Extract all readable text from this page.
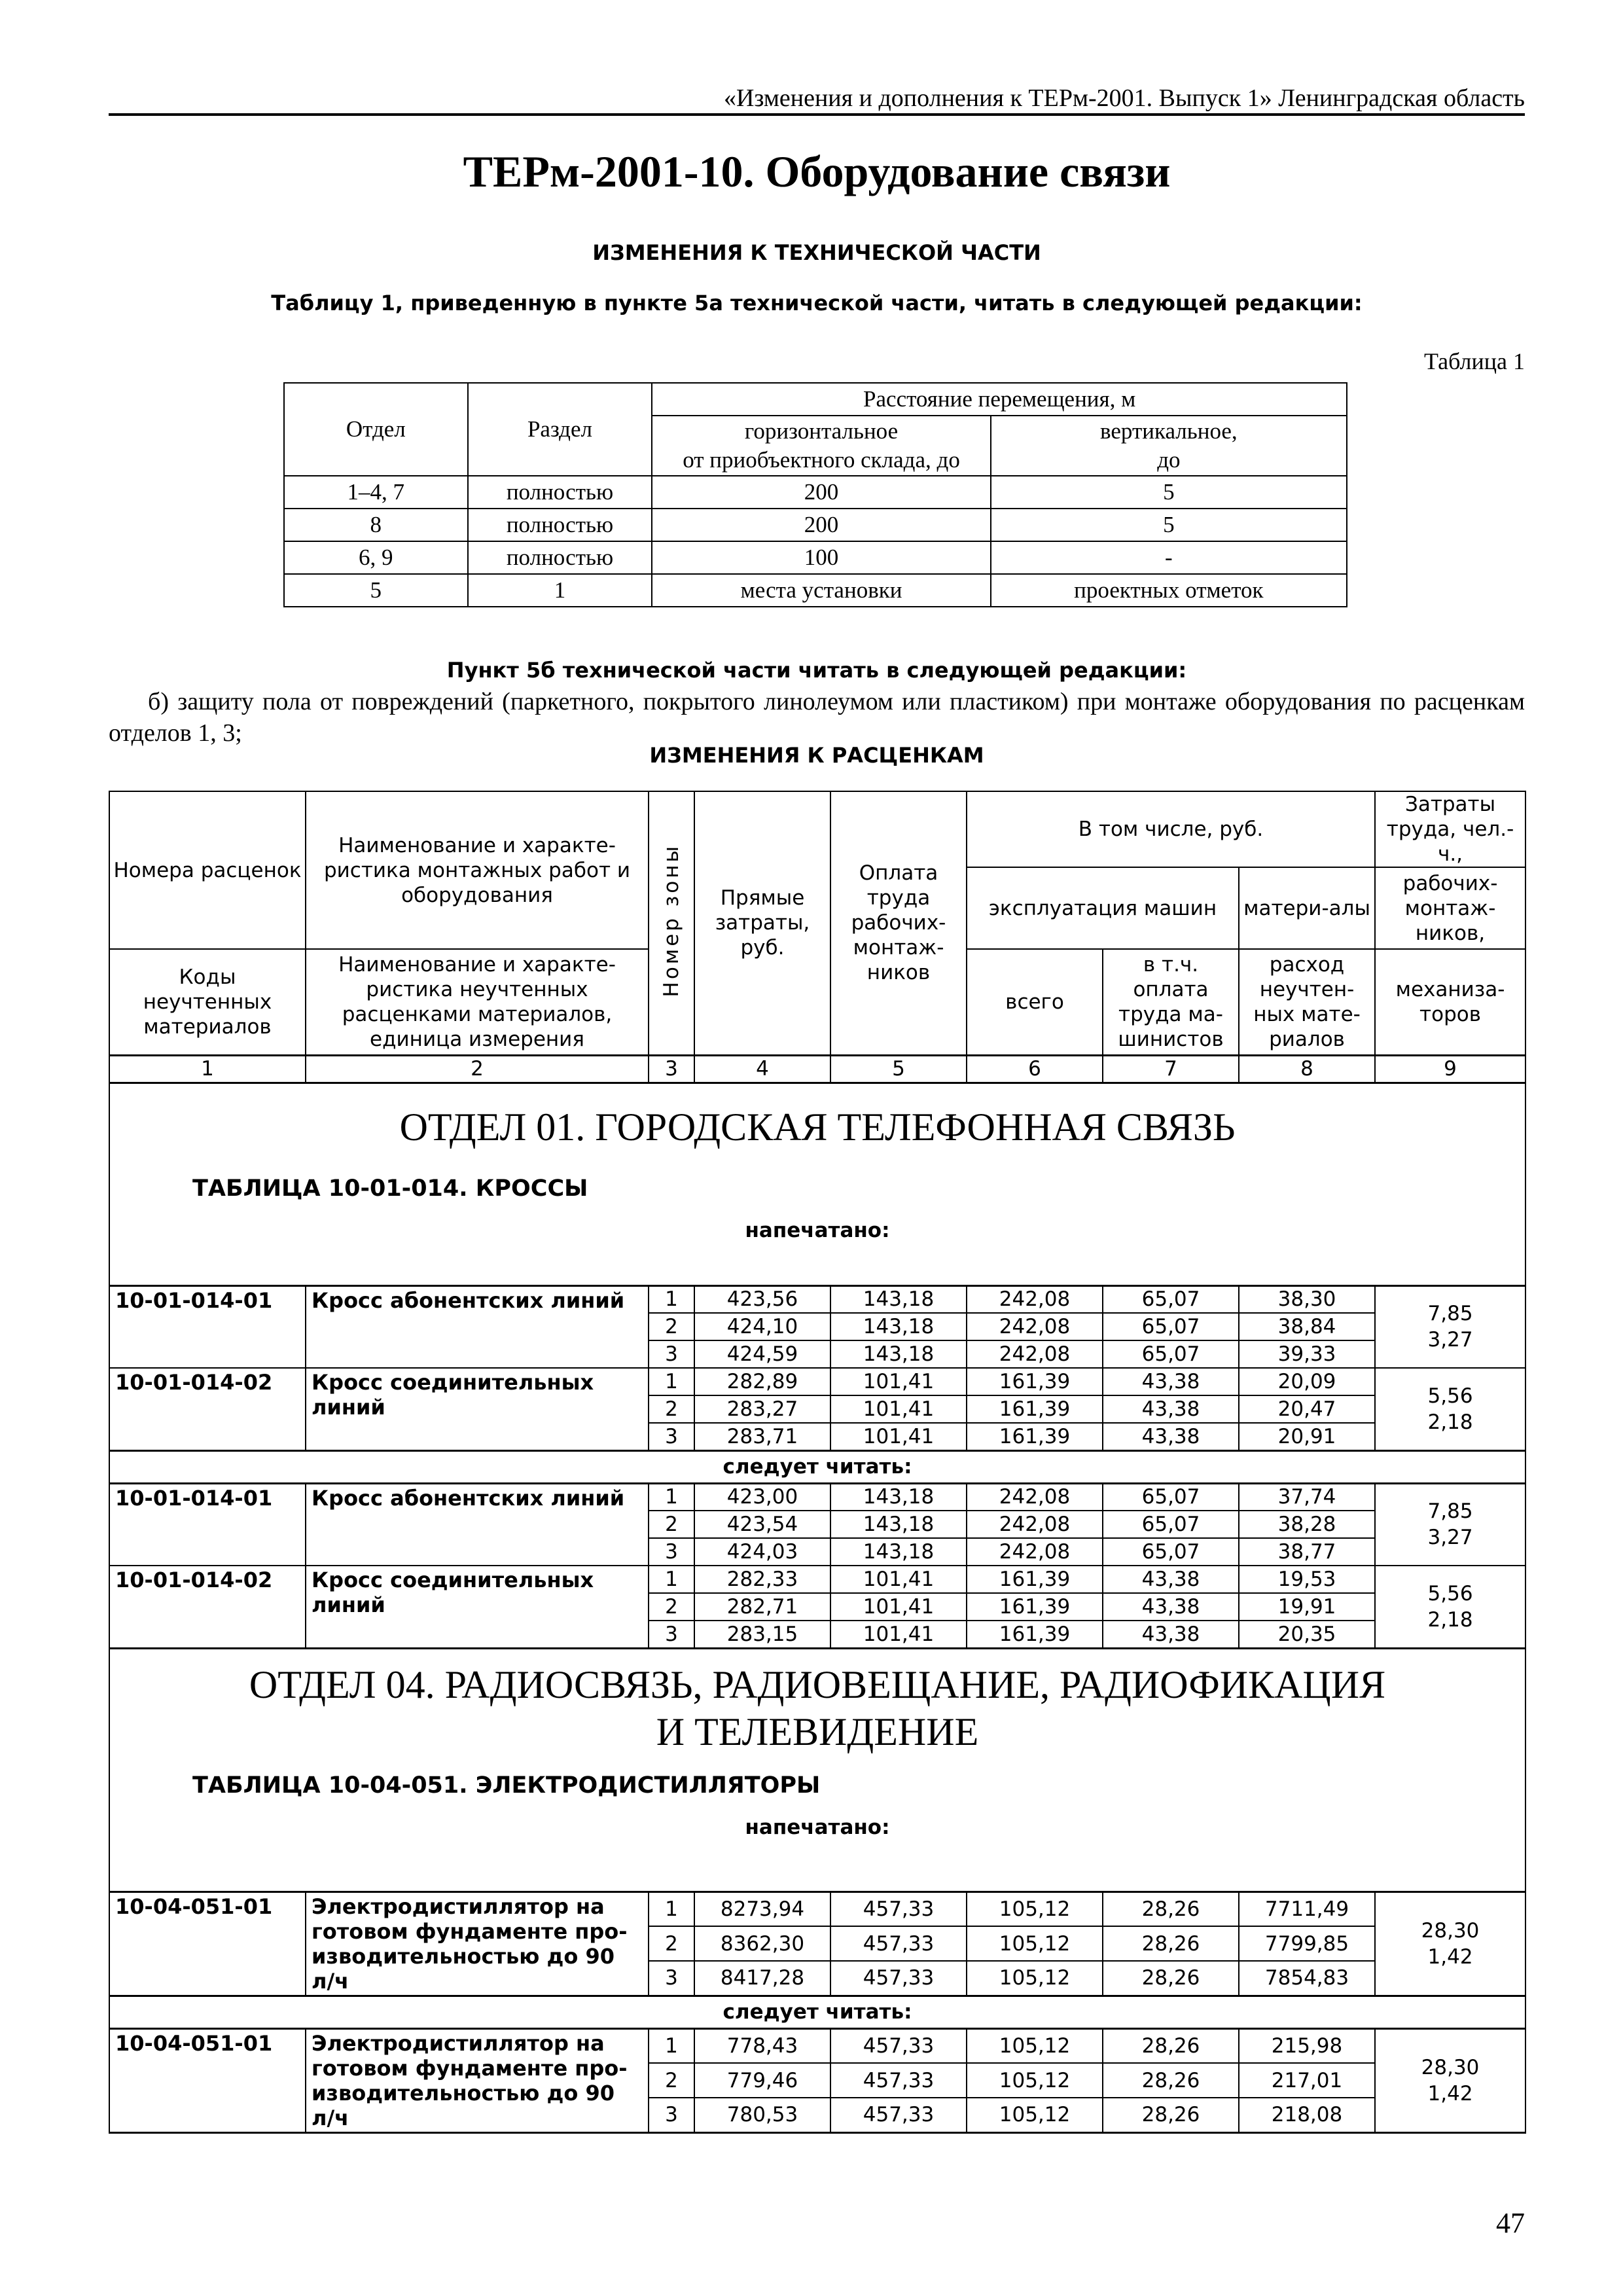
«Изменения и дополнения к ТЕРм-2001. Выпуск 1» Ленинградская область
ТЕРм-2001-10. Оборудование связи
ИЗМЕНЕНИЯ К ТЕХНИЧЕСКОЙ ЧАСТИ
Таблицу 1, приведенную в пункте 5а технической части, читать в следующей редакции:
Таблица 1
Отдел	Раздел	Расстояние перемещения, м	

горизонтальное
от приобъектного склада, до

вертикальное,
до

1–4, 7	полностью	200	5
8	полностью	200	5
6, 9	полностью	100	-
5	1	места установки	проектных отметок
Пункт 5б технической части читать в следующей редакции:
б) защиту пола от повреждений (паркетного, покрытого линолеумом или пластиком) при монтаже оборудования по расценкам отделов 1, 3;
ИЗМЕНЕНИЯ К РАСЦЕНКАМ
Номера расценок	Наименование и характе-ристика монтажных работ и оборудования	Номер зоны	Прямые затраты, руб.	Оплата труда рабочих-монтаж-ников	В том числе, руб.			Затраты труда, чел.-ч.,
					эксплуатация машин		матери-алы	рабочих-монтаж-ников,
Коды неучтенных материалов	Наименование и характе-ристика неучтенных расценками материалов, единица измерения				всего	в т.ч. оплата труда ма-шинистов	расход неучтен-ных мате-риалов	механиза-торов
1	2	3	4	5	6	7	8	9

ОТДЕЛ 01. ГОРОДСКАЯ ТЕЛЕФОННАЯ СВЯЗЬ
ТАБЛИЦА 10-01-014. КРОССЫ
напечатано:								

10-01-014-01	Кросс абонентских линий	1	423,56	143,18	242,08	65,07	38,30	7,85
3,27

		2	424,10	143,18	242,08	65,07	38,84	
		3	424,59	143,18	242,08	65,07	39,33	
10-01-014-02	Кросс соединительных линий	1	282,89	101,41	161,39	43,38	20,09	5,56
2,18

		2	283,27	101,41	161,39	43,38	20,47	
		3	283,71	101,41	161,39	43,38	20,91	
следует читать:								
10-01-014-01	Кросс абонентских линий	1	423,00	143,18	242,08	65,07	37,74	7,85
3,27

		2	423,54	143,18	242,08	65,07	38,28	
		3	424,03	143,18	242,08	65,07	38,77	
10-01-014-02	Кросс соединительных линий	1	282,33	101,41	161,39	43,38	19,53	5,56
2,18

		2	282,71	101,41	161,39	43,38	19,91	
		3	283,15	101,41	161,39	43,38	20,35	

ОТДЕЛ 04. РАДИОСВЯЗЬ, РАДИОВЕЩАНИЕ, РАДИОФИКАЦИЯ
И ТЕЛЕВИДЕНИЕ
ТАБЛИЦА 10-04-051. ЭЛЕКТРОДИСТИЛЛЯТОРЫ
напечатано:								

10-04-051-01	Электродистиллятор на готовом фундаменте про-изводительностью до 90 л/ч	1	8273,94	457,33	105,12	28,26	7711,49	28,30
1,42

		2	8362,30	457,33	105,12	28,26	7799,85	
		3	8417,28	457,33	105,12	28,26	7854,83	
следует читать:								
10-04-051-01	Электродистиллятор на готовом фундаменте про-изводительностью до 90 л/ч	1	778,43	457,33	105,12	28,26	215,98	28,30
1,42

		2	779,46	457,33	105,12	28,26	217,01	
		3	780,53	457,33	105,12	28,26	218,08	
47
